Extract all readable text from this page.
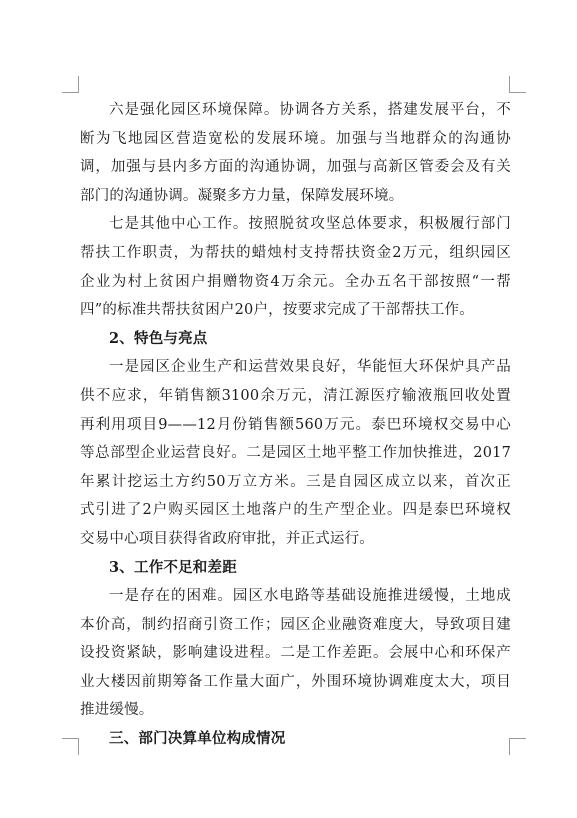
六是强化园区环境保障。协调各方关系，搭建发展平台，不
断为飞地园区营造宽松的发展环境。加强与当地群众的沟通协
调，加强与县内多方面的沟通协调，加强与高新区管委会及有关
部门的沟通协调。凝聚多方力量，保障发展环境。
七是其他中心工作。按照脱贫攻坚总体要求，积极履行部门
帮扶工作职责，为帮扶的蜡烛村支持帮扶资金2万元，组织园区
企业为村上贫困户捐赠物资4万余元。全办五名干部按照“一帮
四”的标准共帮扶贫困户20户，按要求完成了干部帮扶工作。
2、特色与亮点
一是园区企业生产和运营效果良好，华能恒大环保炉具产品
供不应求，年销售额3100余万元，清江源医疗输液瓶回收处置
再利用项目9——12月份销售额560万元。泰巴环境权交易中心
等总部型企业运营良好。二是园区土地平整工作加快推进，2017
年累计挖运土方约50万立方米。三是自园区成立以来，首次正
式引进了2户购买园区土地落户的生产型企业。四是泰巴环境权
交易中心项目获得省政府审批，并正式运行。
3、工作不足和差距
一是存在的困难。园区水电路等基础设施推进缓慢，土地成
本价高，制约招商引资工作；园区企业融资难度大，导致项目建
设投资紧缺，影响建设进程。二是工作差距。会展中心和环保产
业大楼因前期筹备工作量大面广，外围环境协调难度太大，项目
推进缓慢。
三、部门决算单位构成情况
